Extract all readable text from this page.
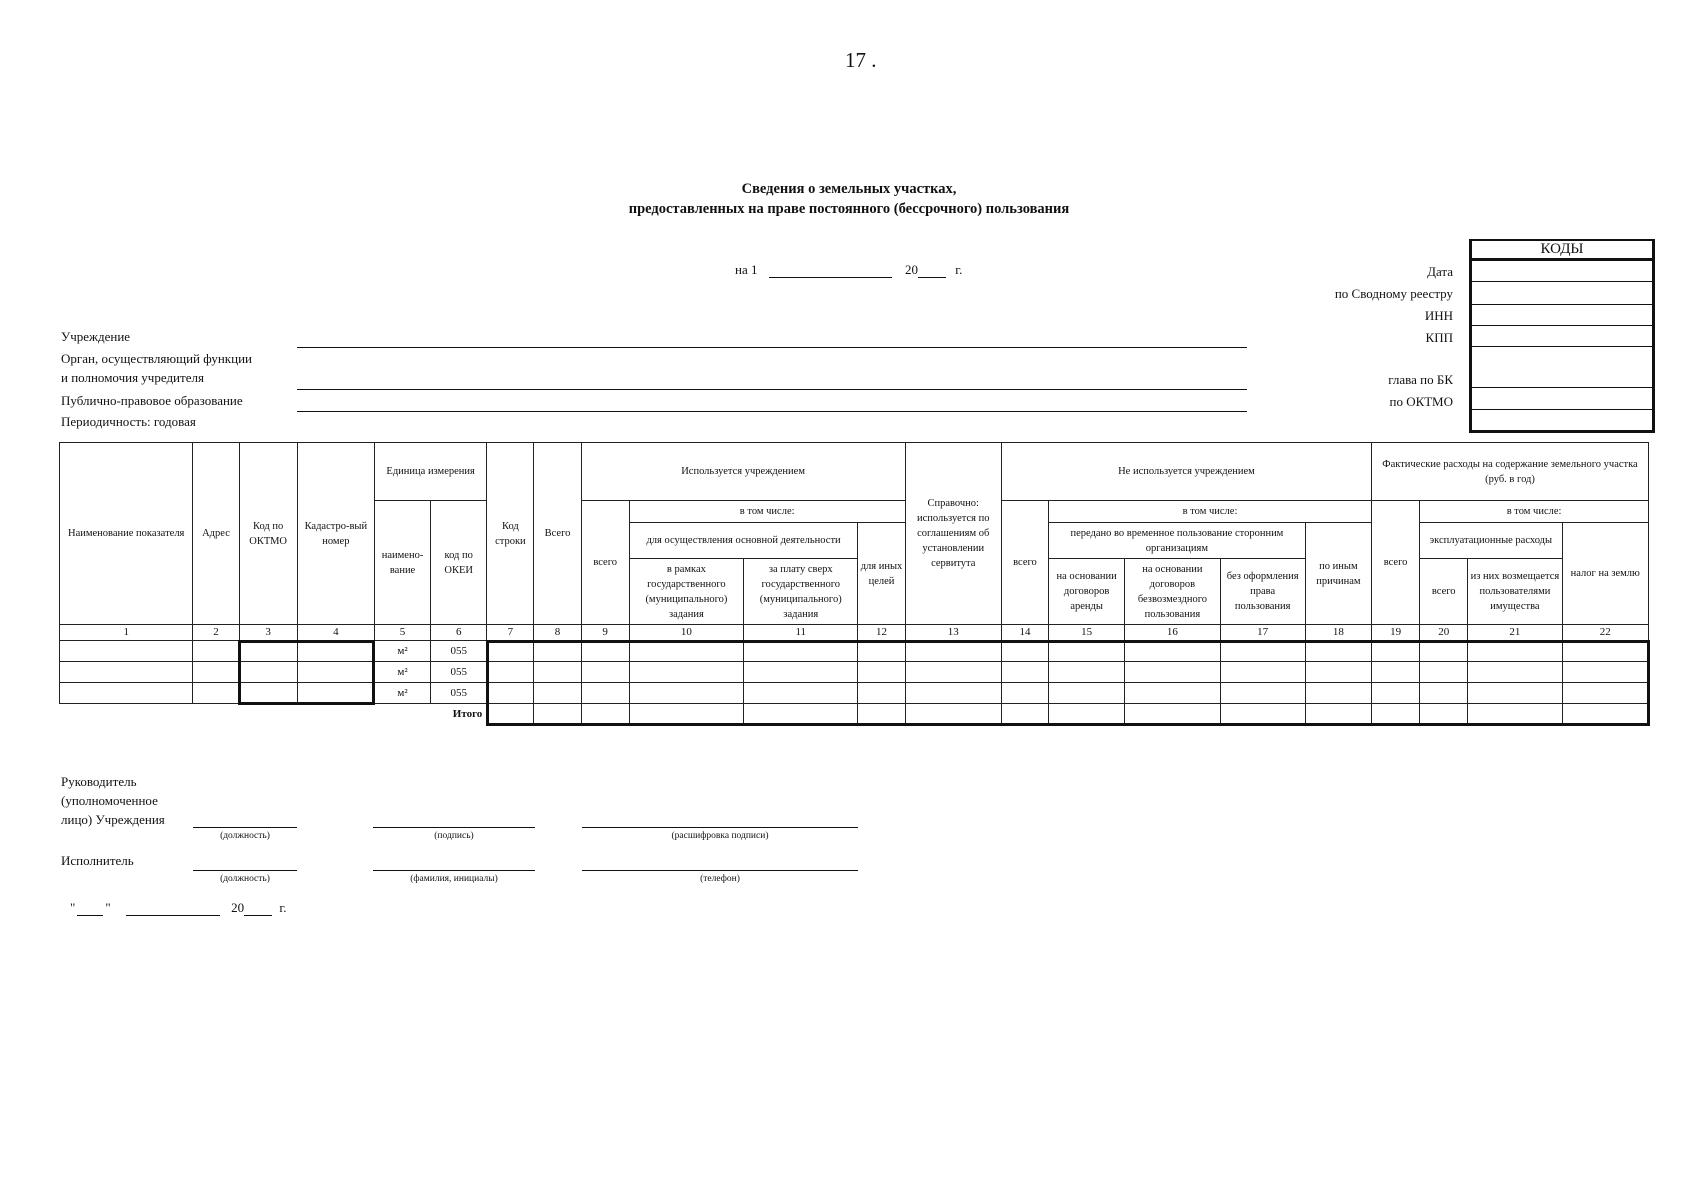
17 .
Сведения о земельных участках,
предоставленных на праве постоянного (бессрочного) пользования
на 1	20	г.
КОДЫ
Дата
по Сводному реестру
ИНН
КПП
глава по БК
по ОКТМО
Учреждение
Орган, осуществляющий функции
и полномочия учредителя
Публично-правовое образование
Периодичность: годовая
Наименование показателя	Адрес	Код по ОКТМО	Кадастро-вый номер	Единица измерения		Код строки	Всего	Используется учреждением				Справочно: используется по соглашениям об установлении сервитута	Не используется учреждением					Фактические расходы на содержание земельного участка (руб. в год)			
				наимено-вание	код по ОКЕИ			всего	в том числе:				всего	в том числе:				всего	в том числе:		
									для осуществления основной деятельности		для иных целей			передано во временное пользование сторонним организациям			по иным причинам		эксплуатационные расходы		налог на землю
									в рамках государственного (муниципального) задания	за плату сверх государственного (муниципального) задания				на основании договоров аренды	на основании договоров безвозмездного пользования	без оформления права пользования			всего	из них возмещается пользователями имущества	
1	2	3	4	5	6	7	8	9	10	11	12	13	14	15	16	17	18	19	20	21	22
				м²	055																
				м²	055																
				м²	055																
					Итого																
Руководитель
(уполномоченное
лицо) Учреждения
(должность)	(подпись)	(расшифровка подписи)
Исполнитель
(должность)	(фамилия, инициалы)	(телефон)
" "	20	г.
